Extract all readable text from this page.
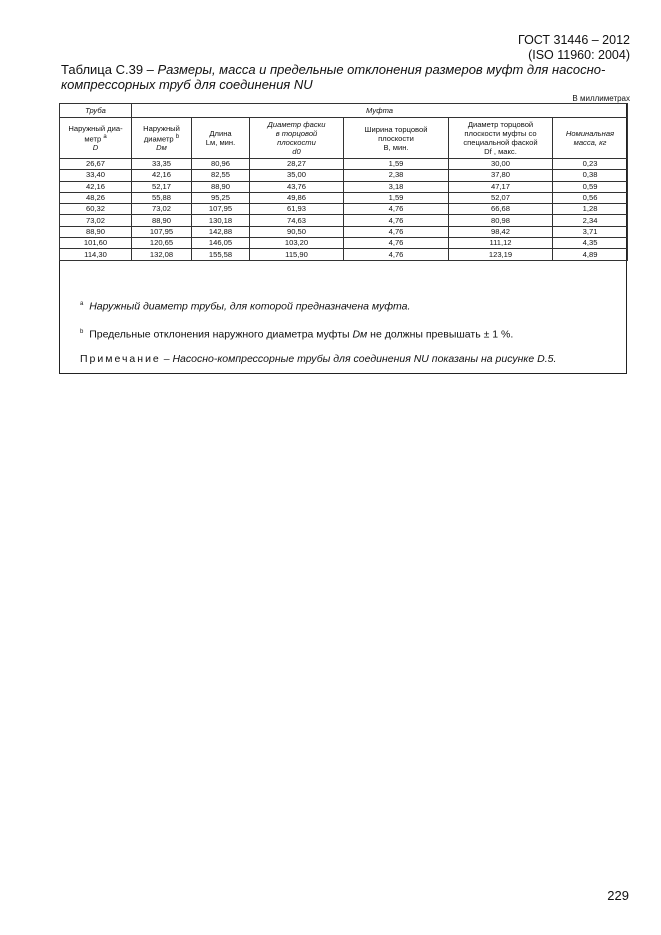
ГОСТ 31446 – 2012
(ISO 11960: 2004)
Таблица С.39 – Размеры, масса и предельные отклонения размеров муфт для насосно-компрессорных труб для соединения NU
В миллиметрах
Труба	Муфта					
Наружный диа-
метр $^a$
D	Наружный
диаметр $^b$
Dм	Длина
Lм, мин.	Диаметр фаски
в торцовой
плоскости
d0	Ширина торцовой
плоскости
В, мин.	Диаметр торцовой
плоскости муфты со
специальной фаской
Df , макс.	Номинальная
масса, кг
26,67	33,35	80,96	28,27	1,59	30,00	0,23
33,40	42,16	82,55	35,00	2,38	37,80	0,38
42,16	52,17	88,90	43,76	3,18	47,17	0,59
48,26	55,88	95,25	49,86	1,59	52,07	0,56
60,32	73,02	107,95	61,93	4,76	66,68	1,28
73,02	88,90	130,18	74,63	4,76	80,98	2,34
88,90	107,95	142,88	90,50	4,76	98,42	3,71
101,60	120,65	146,05	103,20	4,76	111,12	4,35
114,30	132,08	155,58	115,90	4,76	123,19	4,89

$^a$ Наружный диаметр трубы, для которой предназначена муфта.

$^b$ Предельные отклонения наружного диаметра муфты Dм не должны превышать ± 1 %.

Примечание – Насосно-компрессорные трубы для соединения NU показаны на рисунке D.5.

229
